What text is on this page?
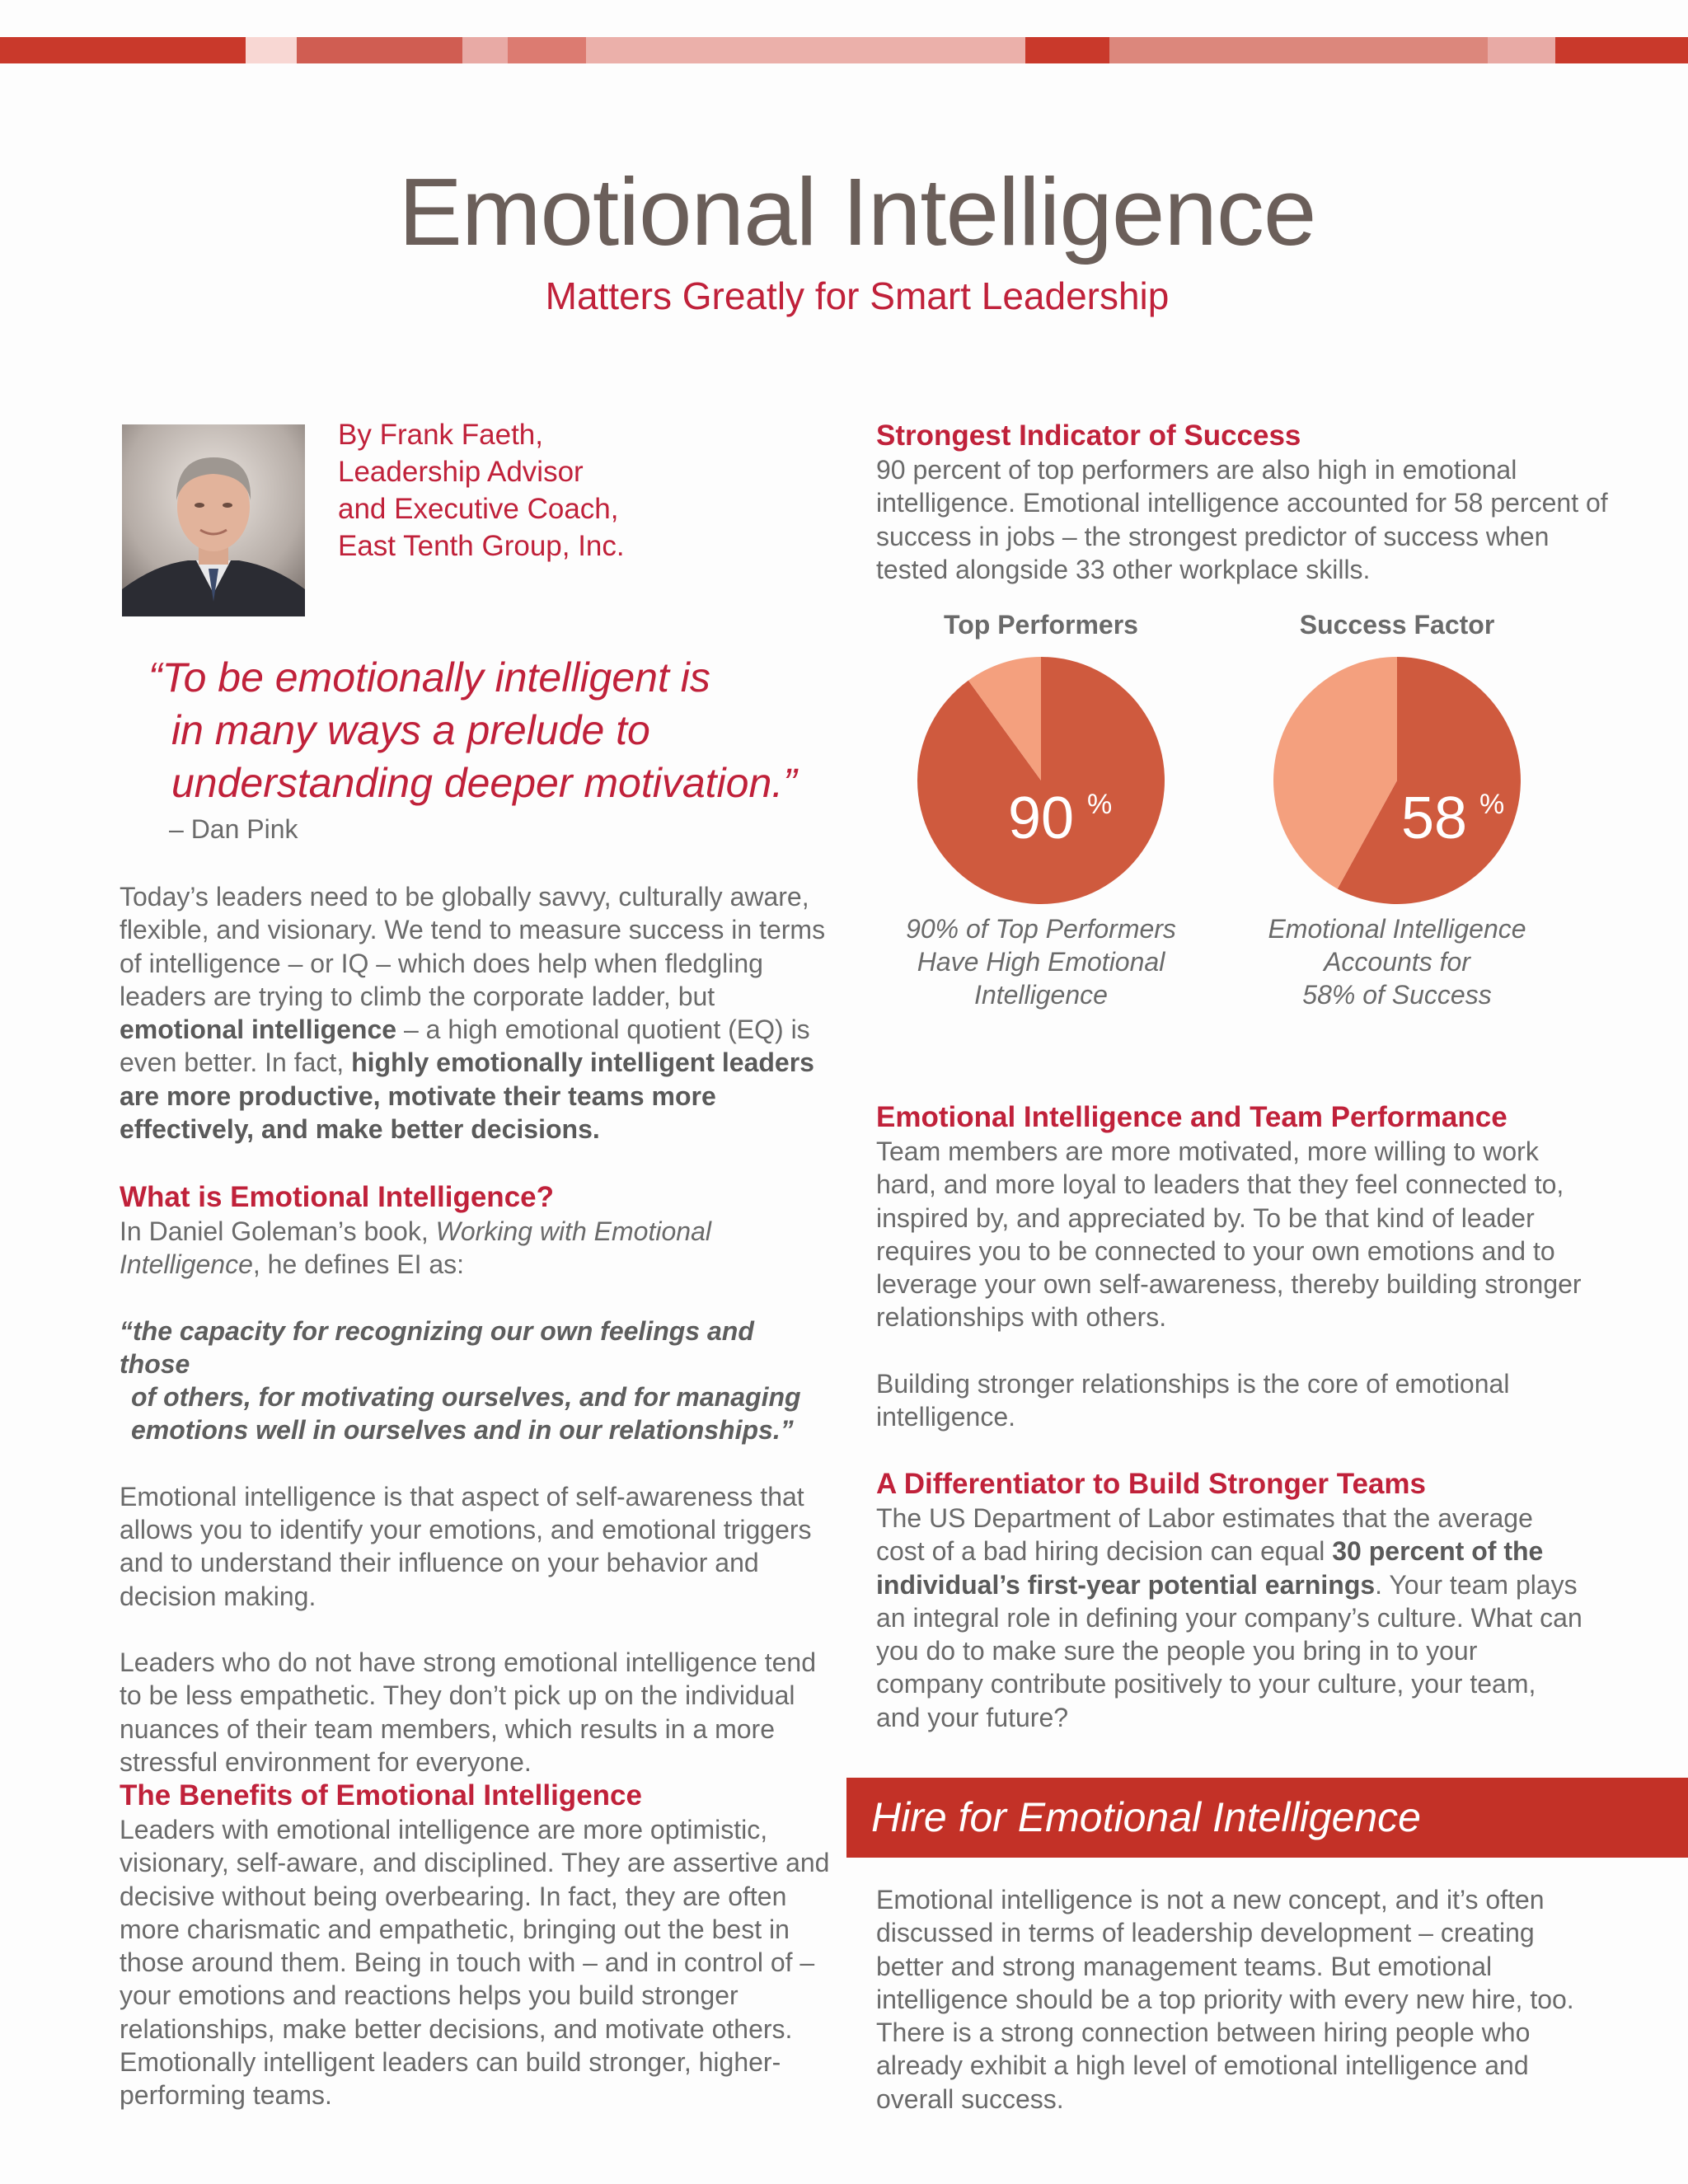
Emotional Intelligence
Matters Greatly for Smart Leadership
By Frank Faeth,
Leadership Advisor
and Executive Coach,
East Tenth Group, Inc.
“To be emotionally intelligent is
in many ways a prelude to
understanding deeper motivation.”
– Dan Pink

Today’s leaders need to be globally savvy, culturally aware, flexible, and visionary. We tend to measure success in terms of intelligence – or IQ – which does help when fledgling leaders are trying to climb the corporate ladder, but emotional intelligence – a high emotional quotient (EQ) is even better. In fact, highly emotionally intelligent leaders are more productive, motivate their teams more effectively, and make better decisions.

What is Emotional Intelligence?

In Daniel Goleman’s book, Working with Emotional Intelligence, he defines EI as:

“the capacity for recognizing our own feelings and those
of others, for motivating ourselves, and for managing
emotions well in ourselves and in our relationships.”

Emotional intelligence is that aspect of self-awareness that allows you to identify your emotions, and emotional triggers and to understand their influence on your behavior and decision making.

Leaders who do not have strong emotional intelligence tend to be less empathetic. They don’t pick up on the individual nuances of their team members, which results in a more stressful environment for everyone.

The Benefits of Emotional Intelligence

Leaders with emotional intelligence are more optimistic, visionary, self-aware, and disciplined. They are assertive and decisive without being overbearing. In fact, they are often more charismatic and empathetic, bringing out the best in those around them. Being in touch with – and in control of – your emotions and reactions helps you build stronger relationships, make better decisions, and motivate others. Emotionally intelligent leaders can build stronger, higher-performing teams.

Strongest Indicator of Success

90 percent of top performers are also high in emotional intelligence. Emotional intelligence accounted for 58 percent of success in jobs – the strongest predictor of success when tested alongside 33 other workplace skills.

Top Performers
90 %
90% of Top Performers
Have High Emotional
Intelligence
Success Factor
58 %
Emotional Intelligence
Accounts for
58% of Success
Emotional Intelligence and Team Performance

Team members are more motivated, more willing to work hard, and more loyal to leaders that they feel connected to, inspired by, and appreciated by. To be that kind of leader requires you to be connected to your own emotions and to leverage your own self-awareness, thereby building stronger relationships with others.

Building stronger relationships is the core of emotional intelligence.

A Differentiator to Build Stronger Teams

The US Department of Labor estimates that the average cost of a bad hiring decision can equal 30 percent of the individual’s first-year potential earnings. Your team plays an integral role in defining your company’s culture. What can you do to make sure the people you bring in to your company contribute positively to your culture, your team, and your future?

Hire for Emotional Intelligence

Emotional intelligence is not a new concept, and it’s often discussed in terms of leadership development – creating better and strong management teams. But emotional intelligence should be a top priority with every new hire, too. There is a strong connection between hiring people who already exhibit a high level of emotional intelligence and overall success.
